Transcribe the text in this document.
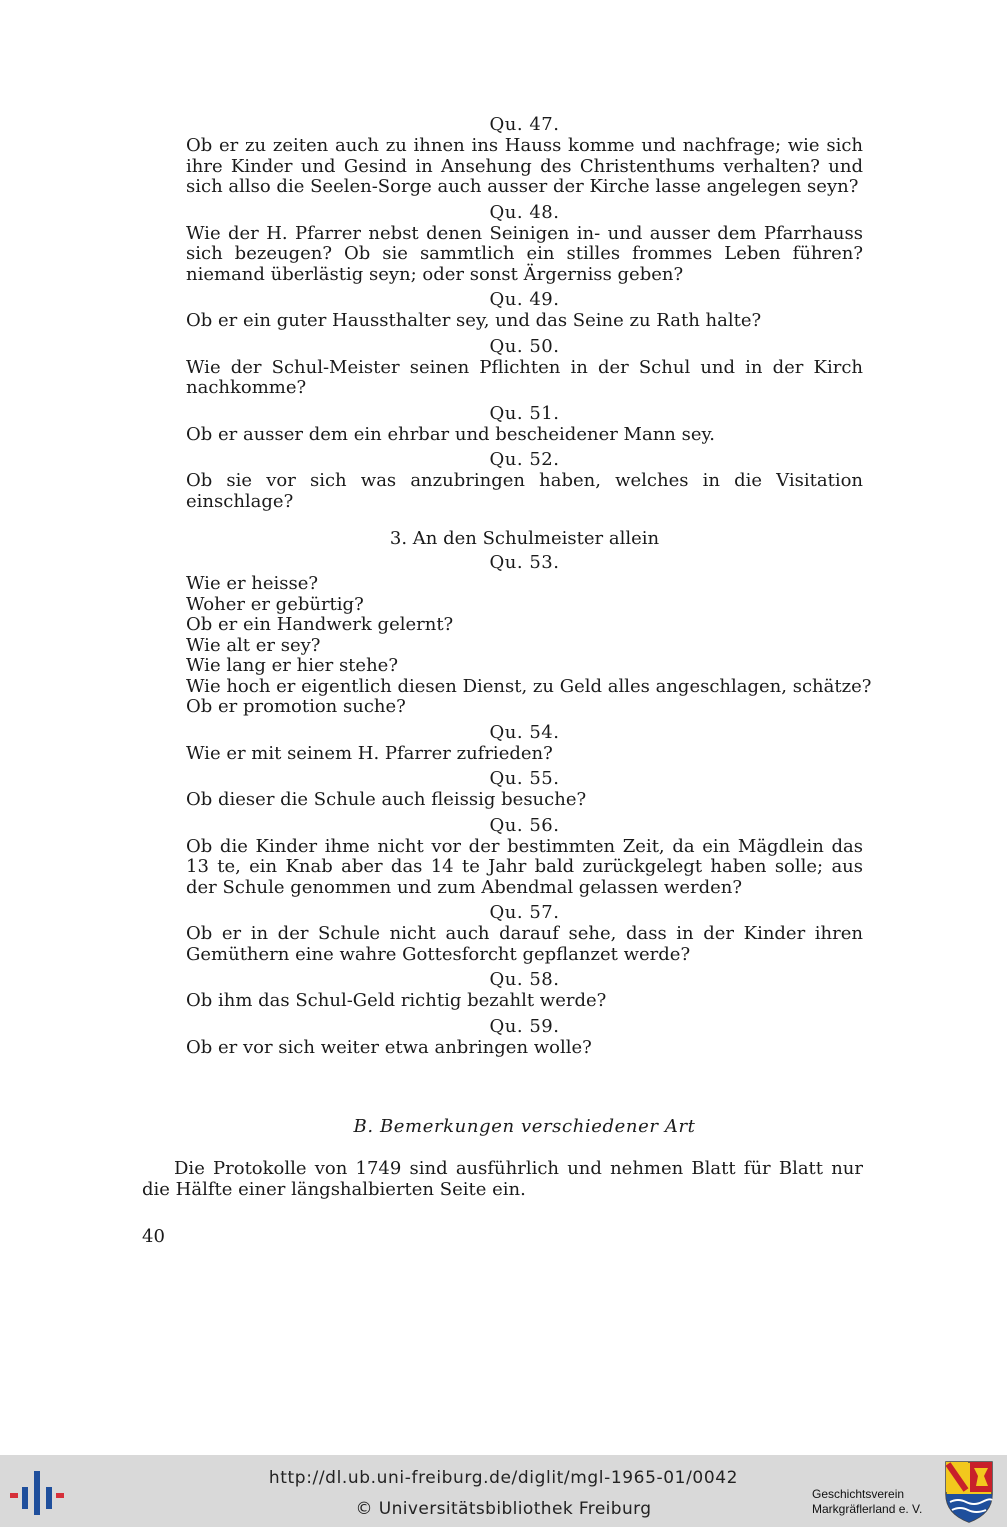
Qu. 47.

Ob er zu zeiten auch zu ihnen ins Hauss komme und nachfrage; wie sich ihre Kinder und Gesind in Ansehung des Christenthums verhalten? und sich allso die Seelen-Sorge auch ausser der Kirche lasse angelegen seyn?

Qu. 48.

Wie der H. Pfarrer nebst denen Seinigen in- und ausser dem Pfarrhauss sich bezeugen? Ob sie sammtlich ein stilles frommes Leben führen? niemand überlästig seyn; oder sonst Ärgerniss geben?

Qu. 49.

Ob er ein guter Haussthalter sey, und das Seine zu Rath halte?

Qu. 50.

Wie der Schul-Meister seinen Pflichten in der Schul und in der Kirch nachkomme?

Qu. 51.

Ob er ausser dem ein ehrbar und bescheidener Mann sey.

Qu. 52.

Ob sie vor sich was anzubringen haben, welches in die Visitation einschlage?

3. An den Schulmeister allein
Qu. 53.
Wie er heisse?
Woher er gebürtig?
Ob er ein Handwerk gelernt?
Wie alt er sey?
Wie lang er hier stehe?
Wie hoch er eigentlich diesen Dienst, zu Geld alles angeschlagen, schätze?
Ob er promotion suche?
Qu. 54.

Wie er mit seinem H. Pfarrer zufrieden?

Qu. 55.

Ob dieser die Schule auch fleissig besuche?

Qu. 56.

Ob die Kinder ihme nicht vor der bestimmten Zeit, da ein Mägdlein das 13 te, ein Knab aber das 14 te Jahr bald zurückgelegt haben solle; aus der Schule genommen und zum Abendmal gelassen werden?

Qu. 57.

Ob er in der Schule nicht auch darauf sehe, dass in der Kinder ihren Gemüthern eine wahre Gottesforcht gepflanzet werde?

Qu. 58.

Ob ihm das Schul-Geld richtig bezahlt werde?

Qu. 59.

Ob er vor sich weiter etwa anbringen wolle?

B. Bemerkungen verschiedener Art

Die Protokolle von 1749 sind ausführlich und nehmen Blatt für Blatt nur die Hälfte einer längshalbierten Seite ein.

40
http://dl.ub.uni-freiburg.de/diglit/mgl-1965-01/0042
© Universitätsbibliothek Freiburg
Geschichtsverein
Markgräflerland e. V.
